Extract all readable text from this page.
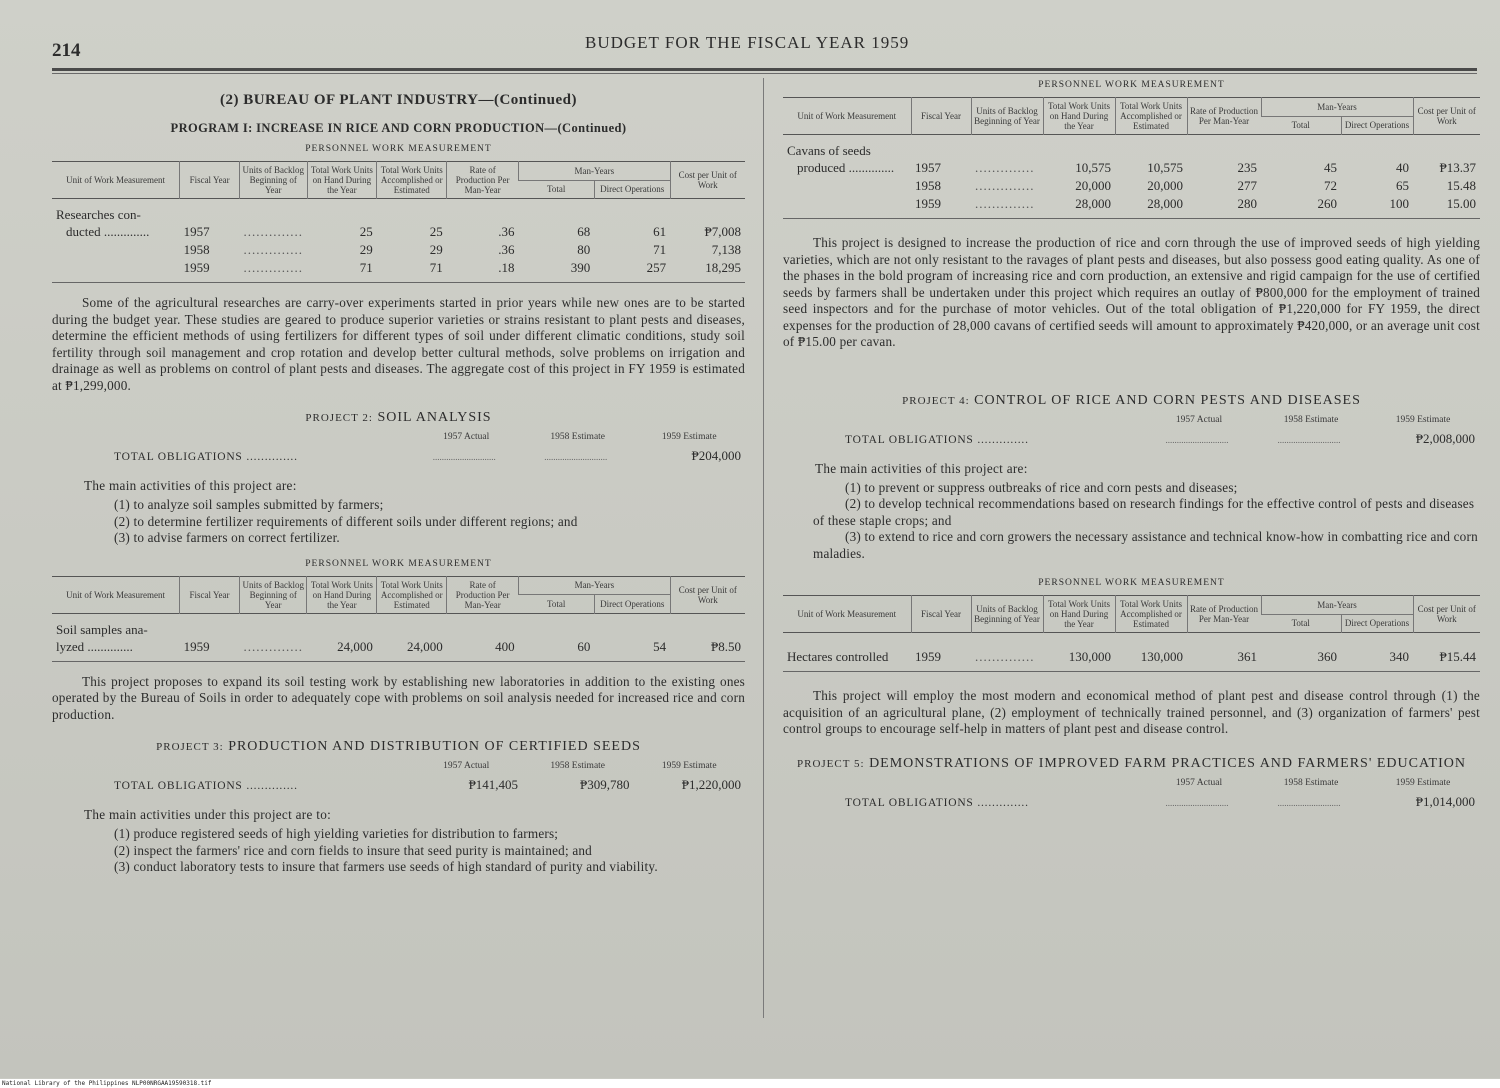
214	BUDGET FOR THE FISCAL YEAR 1959
(2) BUREAU OF PLANT INDUSTRY—(Continued)
PROGRAM I: INCREASE IN RICE AND CORN PRODUCTION—(Continued)
PERSONNEL WORK MEASUREMENT
Unit of Work Measurement	Fiscal Year	Units of Backlog Beginning of Year	Total Work Units on Hand During the Year	Total Work Units Accomplished or Estimated	Rate of Production Per Man-Year	Man-Years		Cost per Unit of Work
						Total	Direct Operations	
Researches con-								
ducted ..............	1957	..............	25	25	.36	68	61	₱7,008
	1958	..............	29	29	.36	80	71	7,138
	1959	..............	71	71	.18	390	257	18,295

Some of the agricultural researches are carry-over experiments started in prior years while new ones are to be started during the budget year. These studies are geared to produce superior varieties or strains resistant to plant pests and diseases, determine the efficient methods of using fertilizers for different types of soil under different climatic conditions, study soil fertility through soil management and crop rotation and develop better cultural methods, solve problems on irrigation and drainage as well as problems on control of plant pests and diseases. The aggregate cost of this project in FY 1959 is estimated at ₱1,299,000.

PROJECT 2: SOIL ANALYSIS
1957 Actual	1958 Estimate	1959 Estimate
TOTAL OBLIGATIONS ..............	............................	............................	₱204,000
The main activities of this project are:
(1) to analyze soil samples submitted by farmers;
(2) to determine fertilizer requirements of different soils under different regions; and
(3) to advise farmers on correct fertilizer.
PERSONNEL WORK MEASUREMENT
Unit of Work Measurement	Fiscal Year	Units of Backlog Beginning of Year	Total Work Units on Hand During the Year	Total Work Units Accomplished or Estimated	Rate of Production Per Man-Year	Man-Years		Cost per Unit of Work
						Total	Direct Operations	
Soil samples ana-								
lyzed ..............	1959	..............	24,000	24,000	400	60	54	₱8.50

This project proposes to expand its soil testing work by establishing new laboratories in addition to the existing ones operated by the Bureau of Soils in order to adequately cope with problems on soil analysis needed for increased rice and corn production.

PROJECT 3: PRODUCTION AND DISTRIBUTION OF CERTIFIED SEEDS
1957 Actual	1958 Estimate	1959 Estimate
TOTAL OBLIGATIONS ..............	₱141,405	₱309,780	₱1,220,000
The main activities under this project are to:
(1) produce registered seeds of high yielding varieties for distribution to farmers;
(2) inspect the farmers' rice and corn fields to insure that seed purity is maintained; and
(3) conduct laboratory tests to insure that farmers use seeds of high standard of purity and viability.
PERSONNEL WORK MEASUREMENT
Unit of Work Measurement	Fiscal Year	Units of Backlog Beginning of Year	Total Work Units on Hand During the Year	Total Work Units Accomplished or Estimated	Rate of Production Per Man-Year	Man-Years		Cost per Unit of Work
						Total	Direct Operations	
Cavans of seeds								
produced ..............	1957	..............	10,575	10,575	235	45	40	₱13.37
	1958	..............	20,000	20,000	277	72	65	15.48
	1959	..............	28,000	28,000	280	260	100	15.00

This project is designed to increase the production of rice and corn through the use of improved seeds of high yielding varieties, which are not only resistant to the ravages of plant pests and diseases, but also possess good eating quality. As one of the phases in the bold program of increasing rice and corn production, an extensive and rigid campaign for the use of certified seeds by farmers shall be undertaken under this project which requires an outlay of ₱800,000 for the employment of trained seed inspectors and for the purchase of motor vehicles. Out of the total obligation of ₱1,220,000 for FY 1959, the direct expenses for the production of 28,000 cavans of certified seeds will amount to approximately ₱420,000, or an average unit cost of ₱15.00 per cavan.

PROJECT 4: CONTROL OF RICE AND CORN PESTS AND DISEASES
1957 Actual	1958 Estimate	1959 Estimate
TOTAL OBLIGATIONS ..............	............................	............................	₱2,008,000
The main activities of this project are:
(1) to prevent or suppress outbreaks of rice and corn pests and diseases;
(2) to develop technical recommendations based on research findings for the effective control of pests and diseases of these staple crops; and
(3) to extend to rice and corn growers the necessary assistance and technical know-how in combatting rice and corn maladies.
PERSONNEL WORK MEASUREMENT
Unit of Work Measurement	Fiscal Year	Units of Backlog Beginning of Year	Total Work Units on Hand During the Year	Total Work Units Accomplished or Estimated	Rate of Production Per Man-Year	Man-Years		Cost per Unit of Work
						Total	Direct Operations	
Hectares controlled	1959	..............	130,000	130,000	361	360	340	₱15.44

This project will employ the most modern and economical method of plant pest and disease control through (1) the acquisition of an agricultural plane, (2) employment of technically trained personnel, and (3) organization of farmers' pest control groups to encourage self-help in matters of plant pest and disease control.

PROJECT 5: DEMONSTRATIONS OF IMPROVED FARM PRACTICES AND FARMERS' EDUCATION
1957 Actual	1958 Estimate	1959 Estimate
TOTAL OBLIGATIONS ..............	............................	............................	₱1,014,000
National Library of the Philippines NLP00NRGAA19590318.tif
